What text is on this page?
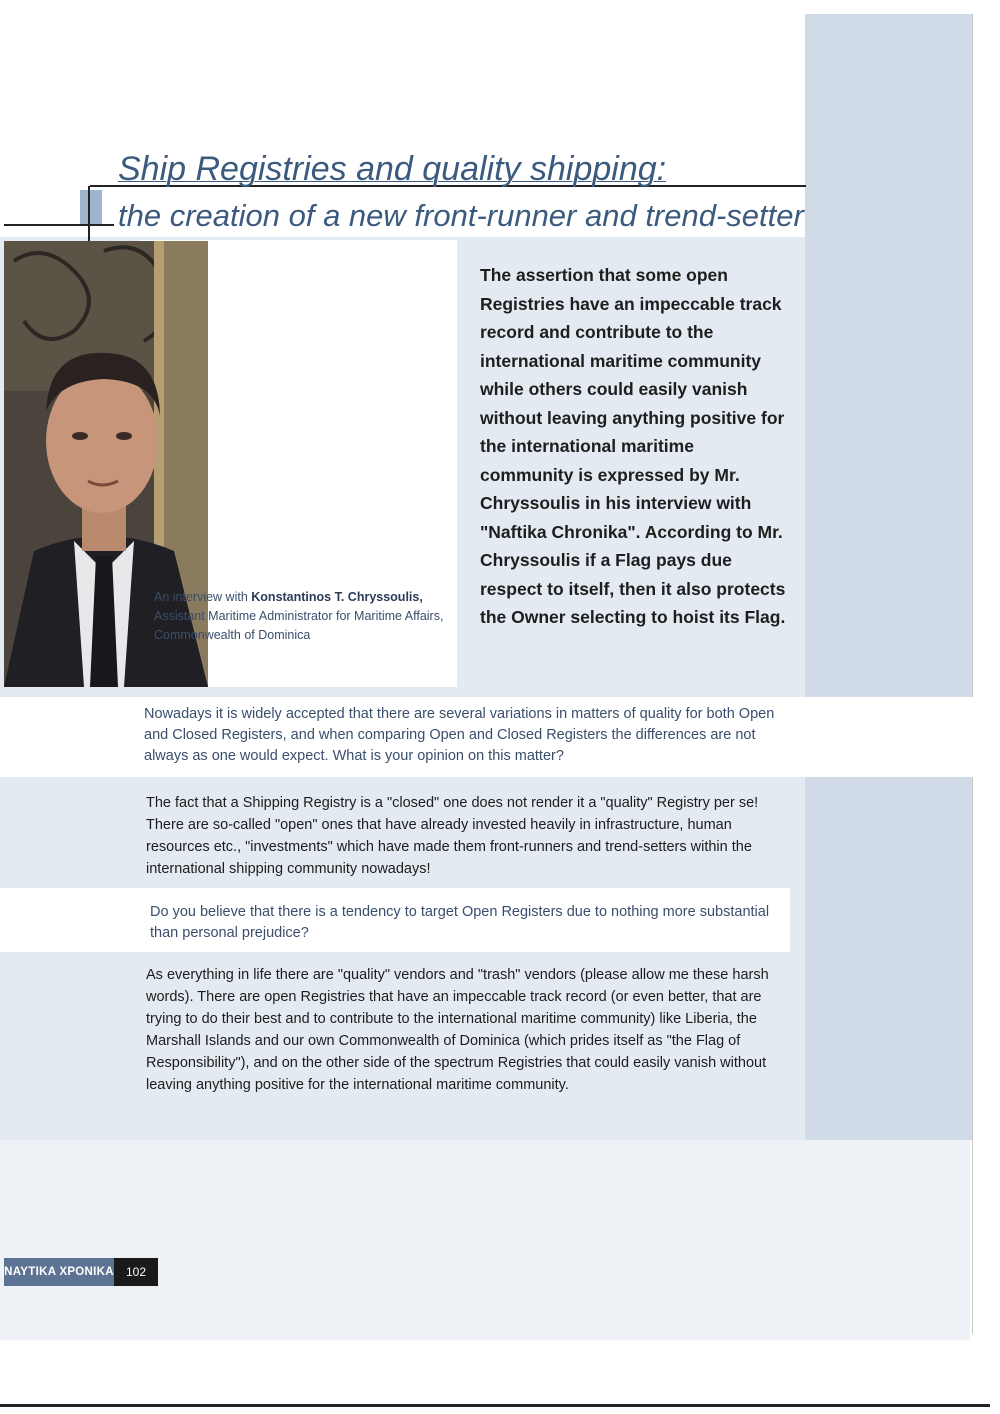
Ship Registries and quality shipping:
the creation of a new front-runner and trend-setter
An interview with Konstantinos T. Chryssoulis,
Assistant Maritime Administrator for Maritime Affairs, Commonwealth of Dominica
The assertion that some open Registries have an impeccable track record and contribute to the international maritime community while others could easily vanish without leaving anything positive for the international maritime community is expressed by Mr. Chryssoulis in his interview with "Naftika Chronika". According to Mr. Chryssoulis if a Flag pays due respect to itself, then it also protects the Owner selecting to hoist its Flag.
Nowadays it is widely accepted that there are several variations in matters of quality for both Open and Closed Registers, and when comparing Open and Closed Registers the differences are not always as one would expect. What is your opinion on this matter?
The fact that a Shipping Registry is a "closed" one does not render it a "quality" Registry per se! There are so-called "open" ones that have already invested heavily in infrastructure, human resources etc., "investments" which have made them front-runners and trend-setters within the international shipping community nowadays!
Do you believe that there is a tendency to target Open Registers due to nothing more substantial than personal prejudice?
As everything in life there are "quality" vendors and "trash" vendors (please allow me these harsh words). There are open Registries that have an impeccable track record (or even better, that are trying to do their best and to contribute to the international maritime community) like Liberia, the Marshall Islands and our own Commonwealth of Dominica (which prides itself as "the Flag of Responsibility"), and on the other side of the spectrum Registries that could easily vanish without leaving anything positive for the international maritime community.
NAYTIKA XPONIKA	102
